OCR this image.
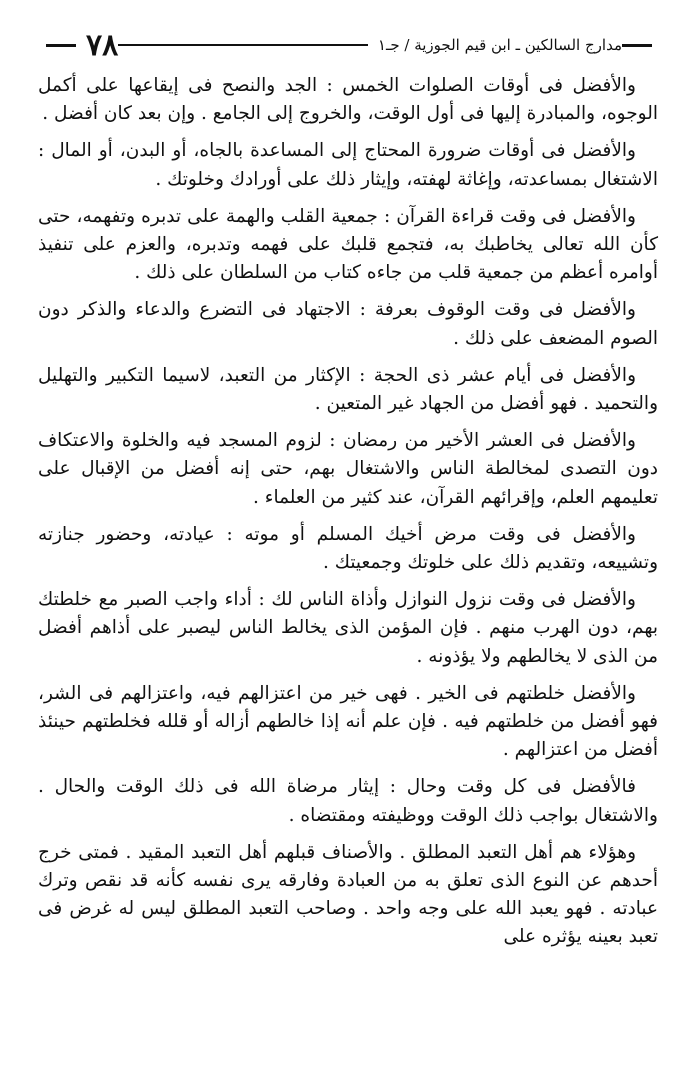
مدارج السالكين ـ ابن قيم الجوزية / جـ١
٧٨

والأفضل فى أوقات الصلوات الخمس : الجد والنصح فى إيقاعها على أكمل الوجوه، والمبادرة إليها فى أول الوقت، والخروج إلى الجامع . وإن بعد كان أفضل .

والأفضل فى أوقات ضرورة المحتاج إلى المساعدة بالجاه، أو البدن، أو المال : الاشتغال بمساعدته، وإغاثة لهفته، وإيثار ذلك على أورادك وخلوتك .

والأفضل فى وقت قراءة القرآن : جمعية القلب والهمة على تدبره وتفهمه، حتى كأن الله تعالى يخاطبك به، فتجمع قلبك على فهمه وتدبره، والعزم على تنفيذ أوامره أعظم من جمعية قلب من جاءه كتاب من السلطان على ذلك .

والأفضل فى وقت الوقوف بعرفة : الاجتهاد فى التضرع والدعاء والذكر دون الصوم المضعف على ذلك .

والأفضل فى أيام عشر ذى الحجة : الإكثار من التعبد، لاسيما التكبير والتهليل والتحميد . فهو أفضل من الجهاد غير المتعين .

والأفضل فى العشر الأخير من رمضان : لزوم المسجد فيه والخلوة والاعتكاف دون التصدى لمخالطة الناس والاشتغال بهم، حتى إنه أفضل من الإقبال على تعليمهم العلم، وإقرائهم القرآن، عند كثير من العلماء .

والأفضل فى وقت مرض أخيك المسلم أو موته : عيادته، وحضور جنازته وتشييعه، وتقديم ذلك على خلوتك وجمعيتك .

والأفضل فى وقت نزول النوازل وأذاة الناس لك : أداء واجب الصبر مع خلطتك بهم، دون الهرب منهم . فإن المؤمن الذى يخالط الناس ليصبر على أذاهم أفضل من الذى لا يخالطهم ولا يؤذونه .

والأفضل خلطتهم فى الخير . فهى خير من اعتزالهم فيه، واعتزالهم فى الشر، فهو أفضل من خلطتهم فيه . فإن علم أنه إذا خالطهم أزاله أو قلله فخلطتهم حينئذ أفضل من اعتزالهم .

فالأفضل فى كل وقت وحال : إيثار مرضاة الله فى ذلك الوقت والحال . والاشتغال بواجب ذلك الوقت ووظيفته ومقتضاه .

وهؤلاء هم أهل التعبد المطلق . والأصناف قبلهم أهل التعبد المقيد . فمتى خرج أحدهم عن النوع الذى تعلق به من العبادة وفارقه يرى نفسه كأنه قد نقص وترك عبادته . فهو يعبد الله على وجه واحد . وصاحب التعبد المطلق ليس له غرض فى تعبد بعينه يؤثره على
